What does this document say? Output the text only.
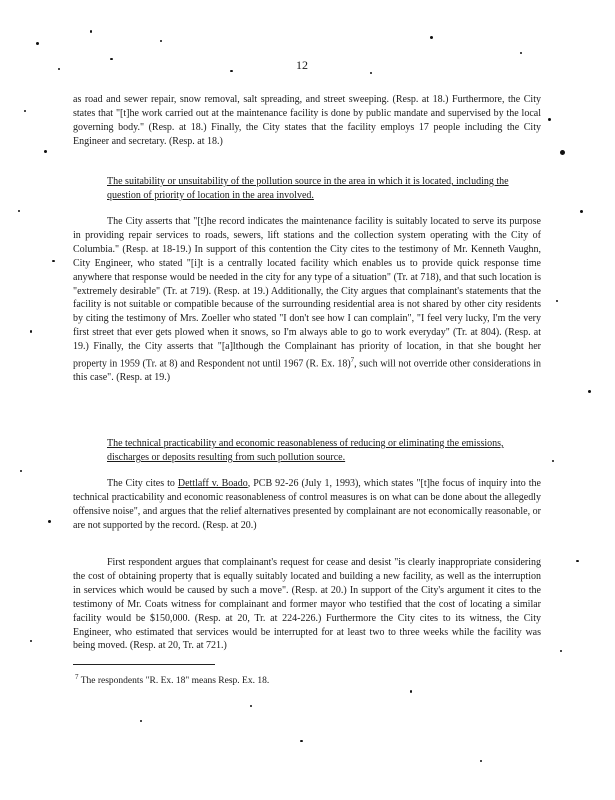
12
as road and sewer repair, snow removal, salt spreading, and street sweeping. (Resp. at 18.) Furthermore, the City states that "[t]he work carried out at the maintenance facility is done by public mandate and supervised by the local governing body." (Resp. at 18.) Finally, the City states that the facility employs 17 people including the City Engineer and secretary. (Resp. at 18.)
The suitability or unsuitability of the pollution source in the area in which it is located, including the question of priority of location in the area involved.
The City asserts that "[t]he record indicates the maintenance facility is suitably located to serve its purpose in providing repair services to roads, sewers, lift stations and the collection system operating with the City of Columbia." (Resp. at 18-19.) In support of this contention the City cites to the testimony of Mr. Kenneth Vaughn, City Engineer, who stated "[i]t is a centrally located facility which enables us to provide quick response time anywhere that response would be needed in the city for any type of a situation" (Tr. at 718), and that such location is "extremely desirable" (Tr. at 719). (Resp. at 19.) Additionally, the City argues that complainant's statements that the facility is not suitable or compatible because of the surrounding residential area is not shared by other city residents by citing the testimony of Mrs. Zoeller who stated "I don't see how I can complain", "I feel very lucky, I'm the very first street that ever gets plowed when it snows, so I'm always able to go to work everyday" (Tr. at 804). (Resp. at 19.) Finally, the City asserts that "[a]lthough the Complainant has priority of location, in that she bought her property in 1959 (Tr. at 8) and Respondent not until 1967 (R. Ex. 18)$^7$, such will not override other considerations in this case". (Resp. at 19.)
The technical practicability and economic reasonableness of reducing or eliminating the emissions, discharges or deposits resulting from such pollution source.
The City cites to Dettlaff v. Boado, PCB 92-26 (July 1, 1993), which states "[t]he focus of inquiry into the technical practicability and economic reasonableness of control measures is on what can be done about the allegedly offensive noise", and argues that the relief alternatives presented by complainant are not economically reasonable, or are not supported by the record. (Resp. at 20.)
First respondent argues that complainant's request for cease and desist "is clearly inappropriate considering the cost of obtaining property that is equally suitably located and building a new facility, as well as the interruption in services which would be caused by such a move". (Resp. at 20.) In support of the City's argument it cites to the testimony of Mr. Coats witness for complainant and former mayor who testified that the cost of locating a similar facility would be $150,000. (Resp. at 20, Tr. at 224-226.) Furthermore the City cites to its witness, the City Engineer, who estimated that services would be interrupted for at least two to three weeks while the facility was being moved. (Resp. at 20, Tr. at 721.)
$^7$ The respondents "R. Ex. 18" means Resp. Ex. 18.
